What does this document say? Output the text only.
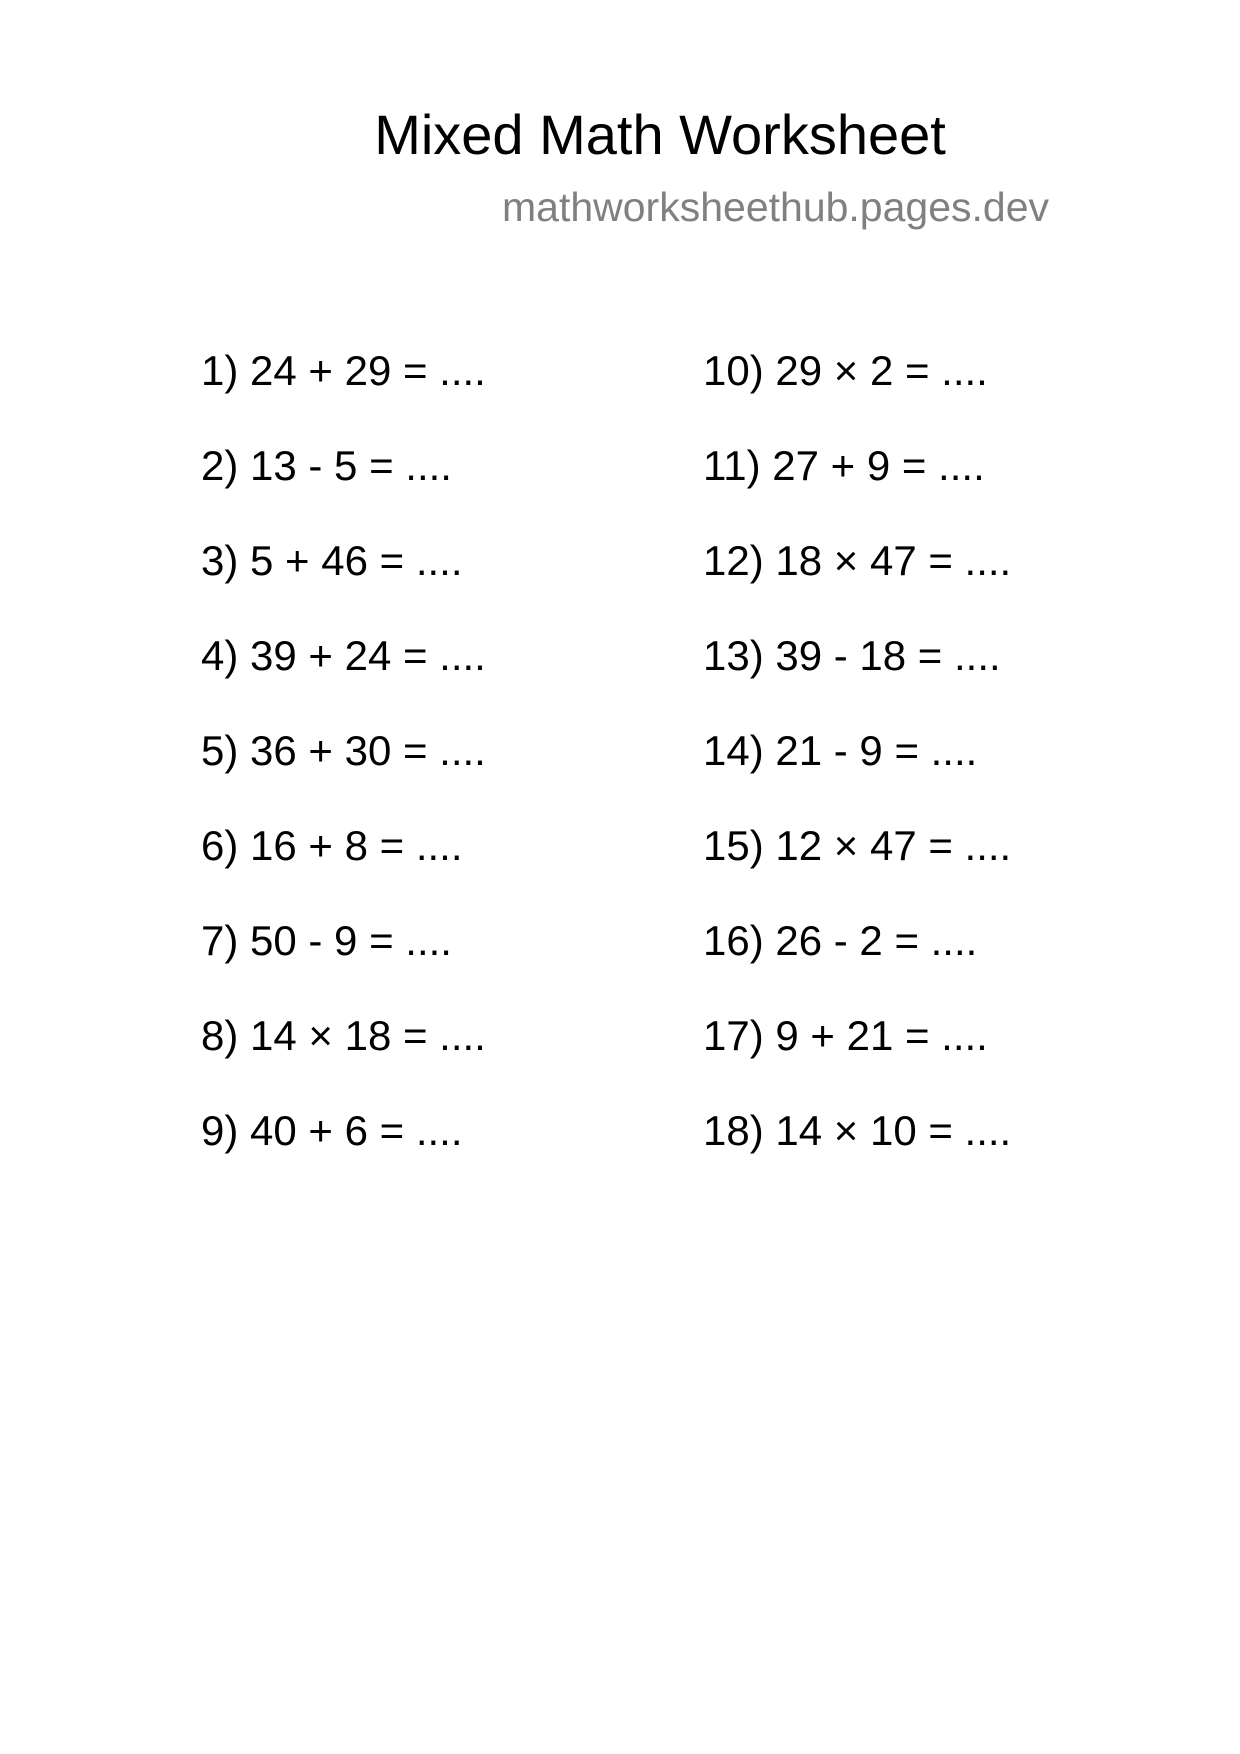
Mixed Math Worksheet
mathworksheethub.pages.dev
1) 24 + 29 = ....
2) 13 - 5 = ....
3) 5 + 46 = ....
4) 39 + 24 = ....
5) 36 + 30 = ....
6) 16 + 8 = ....
7) 50 - 9 = ....
8) 14 × 18 = ....
9) 40 + 6 = ....
10) 29 × 2 = ....
11) 27 + 9 = ....
12) 18 × 47 = ....
13) 39 - 18 = ....
14) 21 - 9 = ....
15) 12 × 47 = ....
16) 26 - 2 = ....
17) 9 + 21 = ....
18) 14 × 10 = ....
